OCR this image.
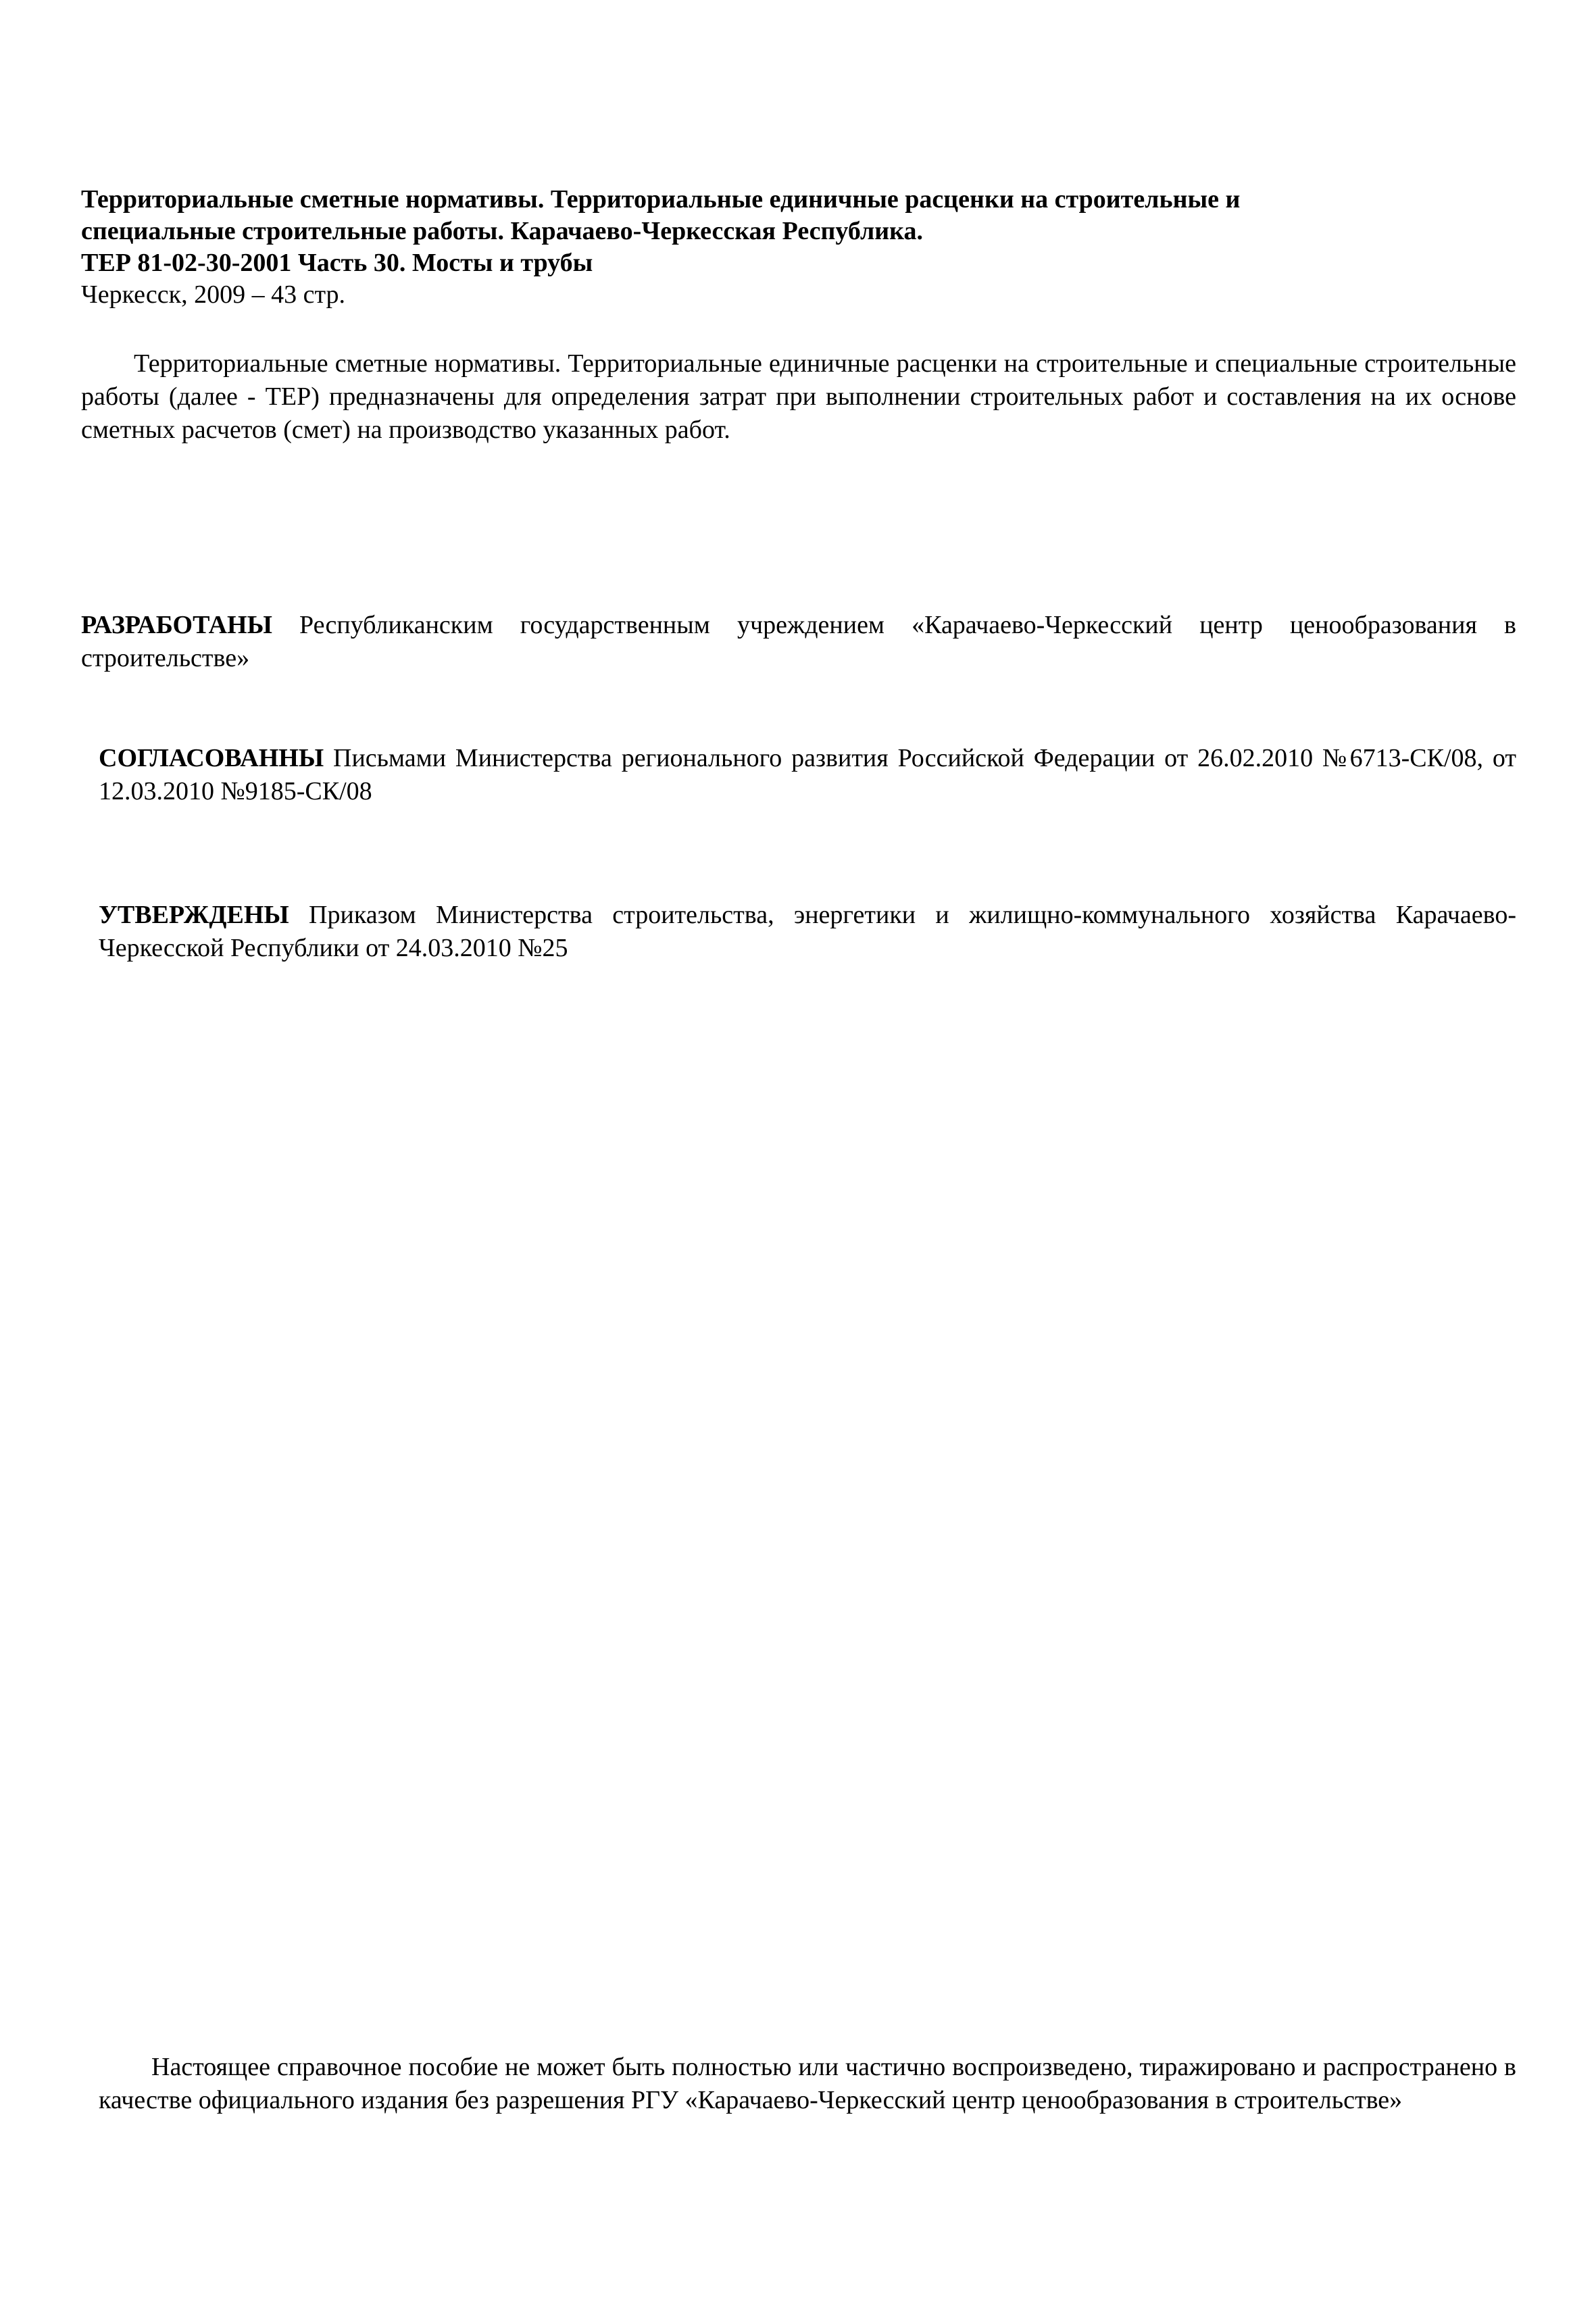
Территориальные сметные нормативы. Территориальные единичные расценки на строительные и
специальные строительные работы. Карачаево-Черкесская Республика.
ТЕР 81-02-30-2001 Часть 30. Мосты и трубы
Черкесск, 2009 – 43 стр.
Территориальные сметные нормативы. Территориальные единичные расценки на строительные и специальные строительные работы (далее - ТЕР) предназначены для определения затрат при выполнении строительных работ и составления на их основе сметных расчетов (смет) на производство указанных работ.
РАЗРАБОТАНЫ Республиканским государственным учреждением «Карачаево-Черкесский центр ценообразования в строительстве»
СОГЛАСОВАННЫ Письмами Министерства регионального развития Российской Федерации от 26.02.2010 №6713-СК/08, от 12.03.2010 №9185-СК/08
УТВЕРЖДЕНЫ Приказом Министерства строительства, энергетики и жилищно-коммунального хозяйства Карачаево-Черкесской Республики от 24.03.2010 №25
Настоящее справочное пособие не может быть полностью или частично воспроизведено, тиражировано и распространено в качестве официального издания без разрешения РГУ «Карачаево-Черкесский центр ценообразования в строительстве»
